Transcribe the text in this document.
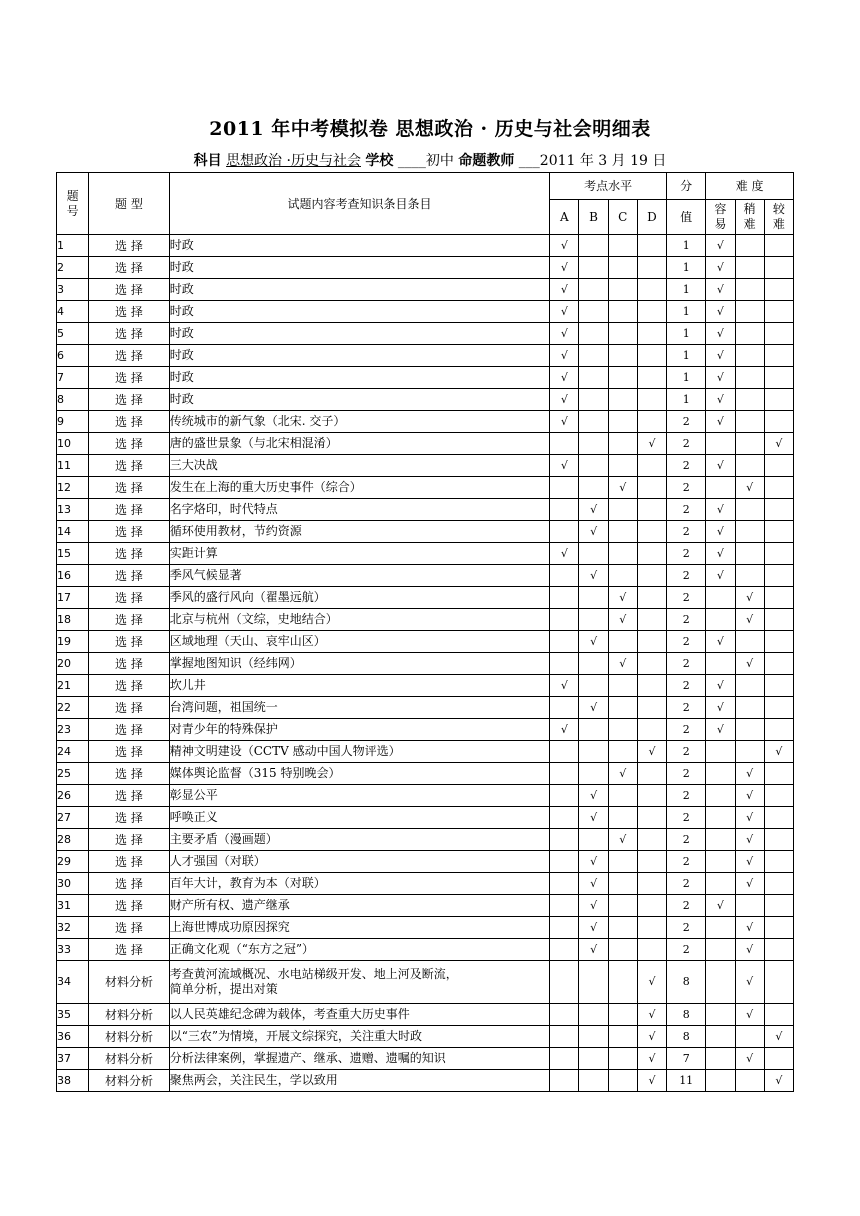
2011 年中考模拟卷 思想政治 · 历史与社会明细表
科目 思想政治 ·历史与社会 学校 ____初中 命题教师 ___2011 年 3 月 19 日
题号	题 型	试题内容考查知识条目条目	考点水平				分	难 度		
			A	B	C	D	值	容易	稍难	较难

1	选 择	时政	√				1	√		
2	选 择	时政	√				1	√		
3	选 择	时政	√				1	√		
4	选 择	时政	√				1	√		
5	选 择	时政	√				1	√		
6	选 择	时政	√				1	√		
7	选 择	时政	√				1	√		
8	选 择	时政	√				1	√		
9	选 择	传统城市的新气象（北宋. 交子）	√				2	√		
10	选 择	唐的盛世景象（与北宋相混淆）				√	2			√
11	选 择	三大决战	√				2	√		
12	选 择	发生在上海的重大历史事件（综合）			√		2		√	
13	选 择	名字烙印，时代特点		√			2	√		
14	选 择	循环使用教材，节约资源		√			2	√		
15	选 择	实距计算	√				2	√		
16	选 择	季风气候显著		√			2	√		
17	选 择	季风的盛行风向（翟墨远航）			√		2		√	
18	选 择	北京与杭州（文综，史地结合）			√		2		√	
19	选 择	区域地理（天山、哀牢山区）		√			2	√		
20	选 择	掌握地图知识（经纬网）			√		2		√	
21	选 择	坎儿井	√				2	√		
22	选 择	台湾问题，祖国统一		√			2	√		
23	选 择	对青少年的特殊保护	√				2	√		
24	选 择	精神文明建设（CCTV 感动中国人物评选）				√	2			√
25	选 择	媒体舆论监督（315 特别晚会）			√		2		√	
26	选 择	彰显公平		√			2		√	
27	选 择	呼唤正义		√			2		√	
28	选 择	主要矛盾（漫画题）			√		2		√	
29	选 择	人才强国（对联）		√			2		√	
30	选 择	百年大计，教育为本（对联）		√			2		√	
31	选 择	财产所有权、遗产继承		√			2	√		
32	选 择	上海世博成功原因探究		√			2		√	
33	选 择	正确文化观（“东方之冠”）		√			2		√	
34	材料分析	考查黄河流域概况、水电站梯级开发、地上河及断流，
简单分析，提出对策				√	8		√	
35	材料分析	以人民英雄纪念碑为载体，考查重大历史事件				√	8		√	
36	材料分析	以“三农”为情境，开展文综探究，关注重大时政				√	8			√
37	材料分析	分析法律案例，掌握遗产、继承、遗赠、遗嘱的知识				√	7		√	
38	材料分析	聚焦两会，关注民生，学以致用				√	11			√
